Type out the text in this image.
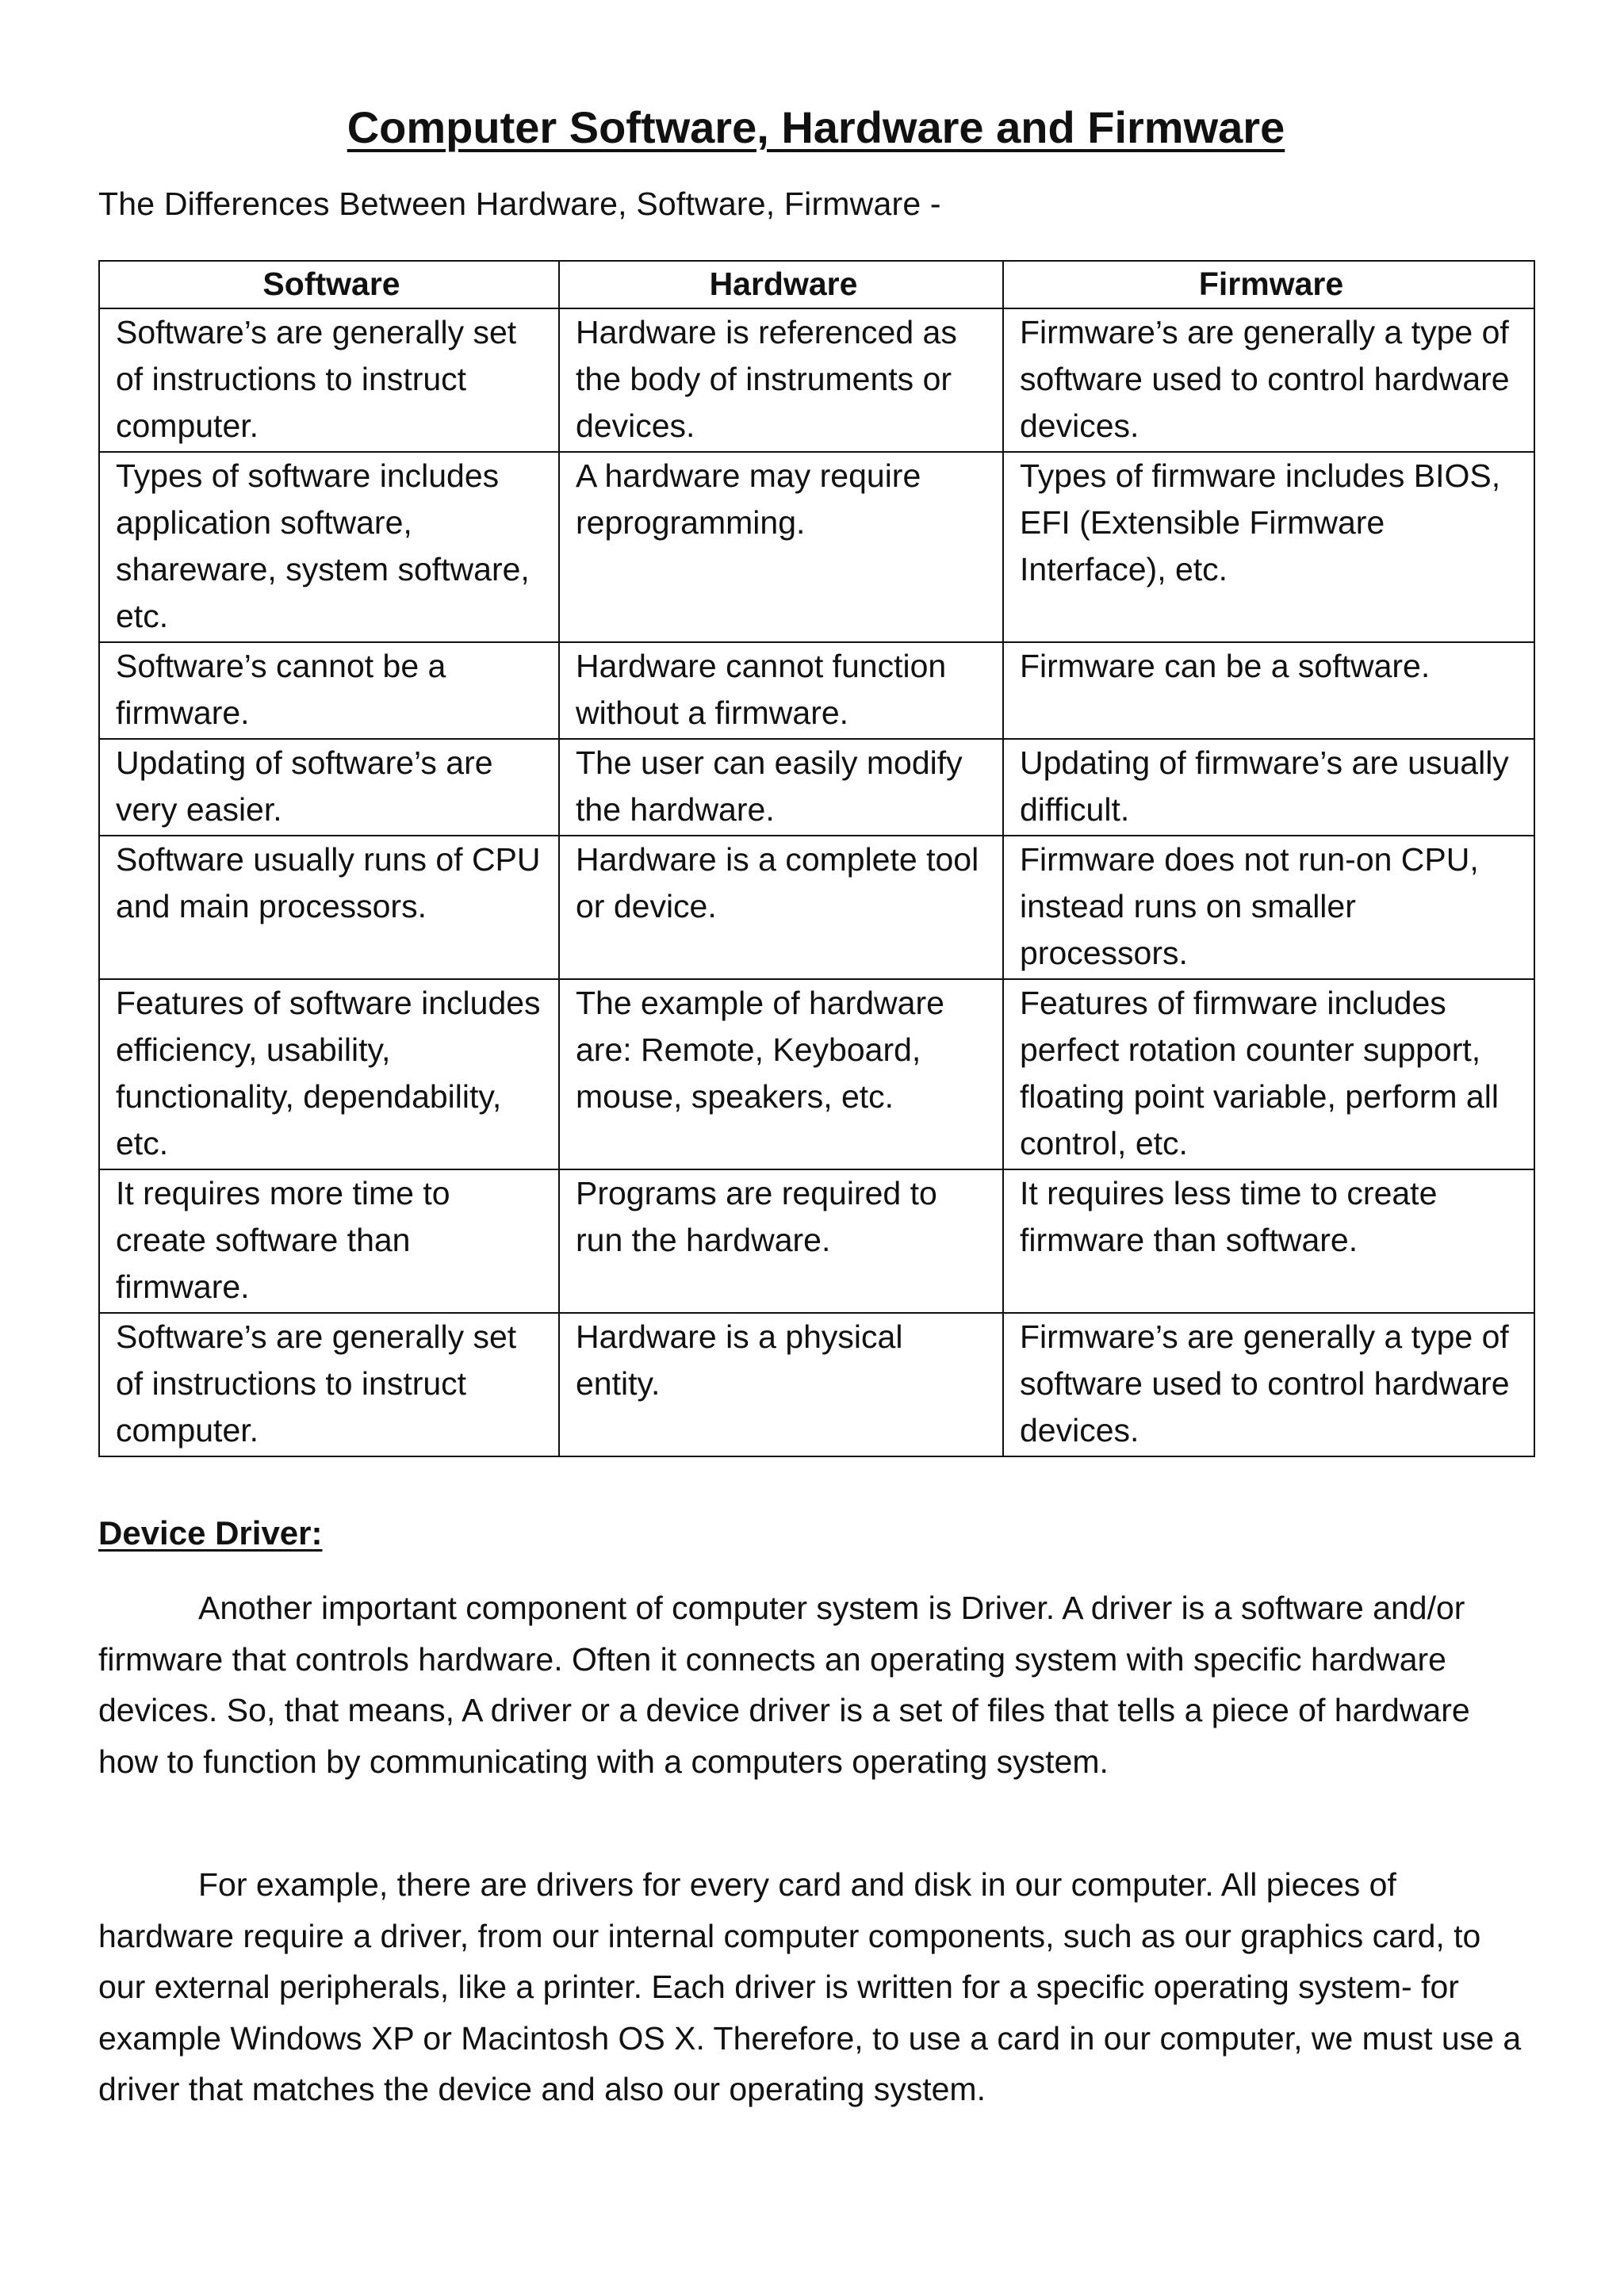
Computer Software, Hardware and Firmware

The Differences Between Hardware, Software, Firmware -

Software	Hardware	Firmware
Software’s are generally set of instructions to instruct computer.	Hardware is referenced as the body of instruments or devices.	Firmware’s are generally a type of software used to control hardware devices.
Types of software includes application software, shareware, system software, etc.	A hardware may require reprogramming.	Types of firmware includes BIOS, EFI (Extensible Firmware Interface), etc.
Software’s cannot be a firmware.	Hardware cannot function without a firmware.	Firmware can be a software.
Updating of software’s are very easier.	The user can easily modify the hardware.	Updating of firmware’s are usually difficult.
Software usually runs of CPU and main processors.	Hardware is a complete tool or device.	Firmware does not run-on CPU, instead runs on smaller processors.
Features of software includes efficiency, usability, functionality, dependability, etc.	The example of hardware are: Remote, Keyboard, mouse, speakers, etc.	Features of firmware includes perfect rotation counter support, floating point variable, perform all control, etc.
It requires more time to create software than firmware.	Programs are required to run the hardware.	It requires less time to create firmware than software.
Software’s are generally set of instructions to instruct computer.	Hardware is a physical entity.	Firmware’s are generally a type of software used to control hardware devices.
Device Driver:

Another important component of computer system is Driver. A driver is a software and/or firmware that controls hardware. Often it connects an operating system with specific hardware devices. So, that means, A driver or a device driver is a set of files that tells a piece of hardware how to function by communicating with a computers operating system.

For example, there are drivers for every card and disk in our computer. All pieces of hardware require a driver, from our internal computer components, such as our graphics card, to our external peripherals, like a printer. Each driver is written for a specific operating system- for example Windows XP or Macintosh OS X. Therefore, to use a card in our computer, we must use a driver that matches the device and also our operating system.
